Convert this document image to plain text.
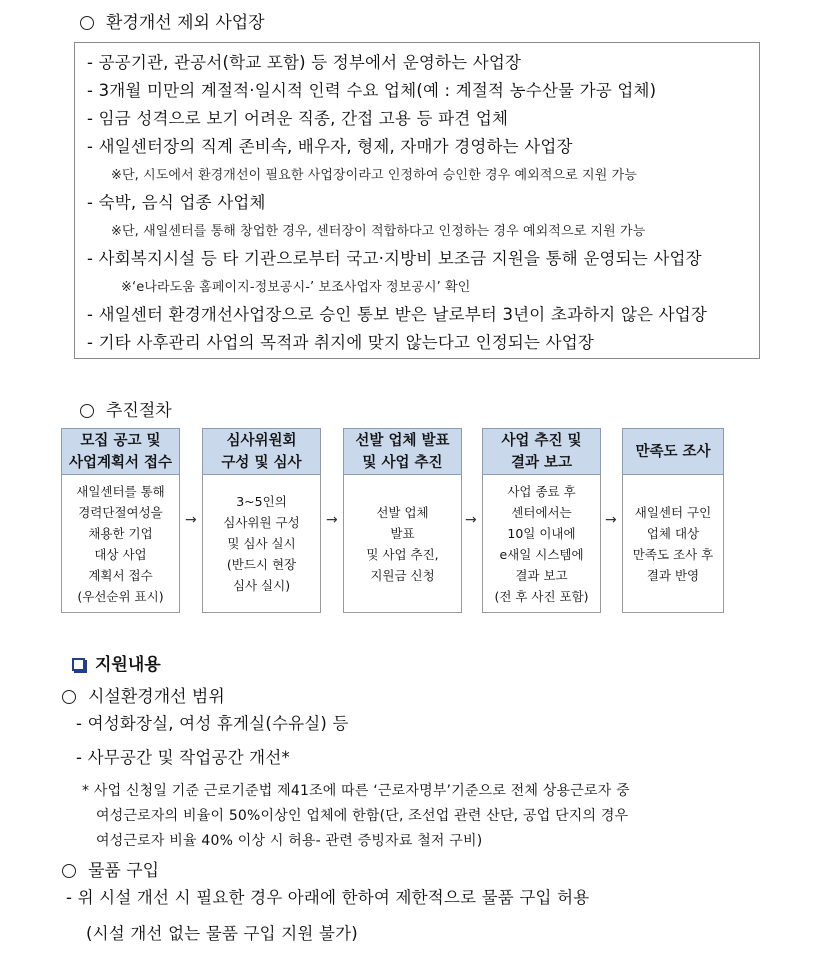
환경개선 제외 사업장
- 공공기관, 관공서(학교 포함) 등 정부에서 운영하는 사업장
- 3개월 미만의 계절적·일시적 인력 수요 업체(예 : 계절적 농수산물 가공 업체)
- 임금 성격으로 보기 어려운 직종, 간접 고용 등 파견 업체
- 새일센터장의 직계 존비속, 배우자, 형제, 자매가 경영하는 사업장
※단, 시도에서 환경개선이 필요한 사업장이라고 인정하여 승인한 경우 예외적으로 지원 가능
- 숙박, 음식 업종 사업체
※단, 새일센터를 통해 창업한 경우, 센터장이 적합하다고 인정하는 경우 예외적으로 지원 가능
- 사회복지시설 등 타 기관으로부터 국고·지방비 보조금 지원을 통해 운영되는 사업장
※‘e나라도움 홈페이지-정보공시-’ 보조사업자 정보공시’ 확인
- 새일센터 환경개선사업장으로 승인 통보 받은 날로부터 3년이 초과하지 않은 사업장
- 기타 사후관리 사업의 목적과 취지에 맞지 않는다고 인정되는 사업장
추진절차
모집 공고 및
사업계획서 접수
새일센터를 통해
경력단절여성을
채용한 기업
대상 사업
계획서 접수
(우선순위 표시)
→
심사위원회
구성 및 심사
3~5인의
심사위원 구성
및 심사 실시
(반드시 현장
심사 실시)
→
선발 업체 발표
및 사업 추진
선발 업체
발표
및 사업 추진,
지원금 신청
→
사업 추진 및
결과 보고
사업 종료 후
센터에서는
10일 이내에
e새일 시스템에
결과 보고
(전 후 사진 포함)
→
만족도 조사
새일센터 구인
업체 대상
만족도 조사 후
결과 반영
지원내용
시설환경개선 범위
- 여성화장실, 여성 휴게실(수유실) 등
- 사무공간 및 작업공간 개선*
* 사업 신청일 기준 근로기준법 제41조에 따른 ‘근로자명부’기준으로 전체 상용근로자 중
여성근로자의 비율이 50%이상인 업체에 한함(단, 조선업 관련 산단, 공업 단지의 경우
여성근로자 비율 40% 이상 시 허용- 관련 증빙자료 철저 구비)
물품 구입
- 위 시설 개선 시 필요한 경우 아래에 한하여 제한적으로 물품 구입 허용
(시설 개선 없는 물품 구입 지원 불가)
